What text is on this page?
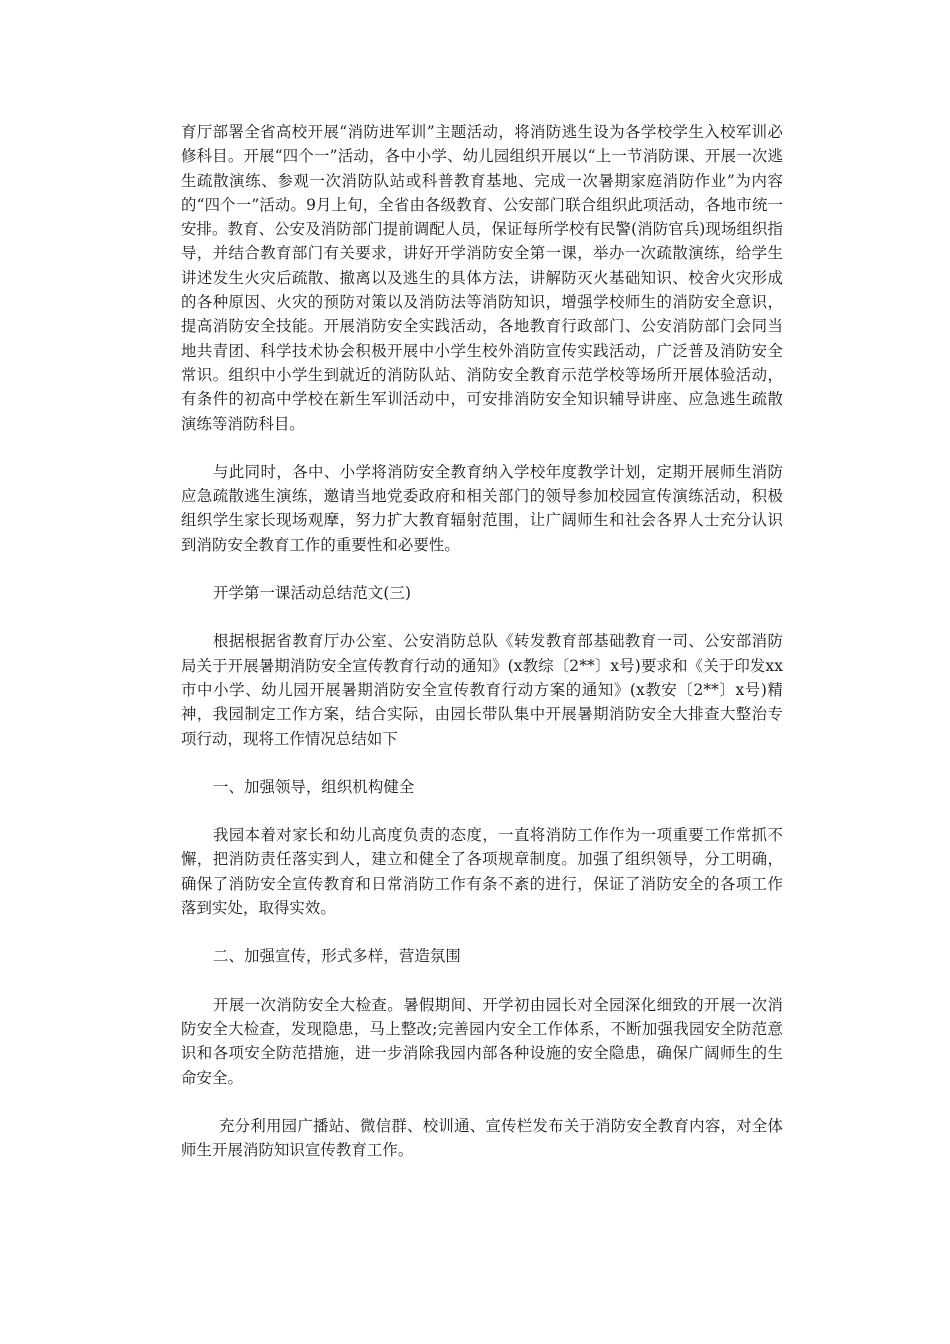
育厅部署全省高校开展“消防进军训”主题活动，将消防逃生设为各学校学生入校军训必修科目。开展“四个一”活动，各中小学、幼儿园组织开展以“上一节消防课、开展一次逃生疏散演练、参观一次消防队站或科普教育基地、完成一次暑期家庭消防作业”为内容的“四个一”活动。9月上旬，全省由各级教育、公安部门联合组织此项活动，各地市统一安排。教育、公安及消防部门提前调配人员，保证每所学校有民警(消防官兵)现场组织指导，并结合教育部门有关要求，讲好开学消防安全第一课，举办一次疏散演练，给学生讲述发生火灾后疏散、撤离以及逃生的具体方法，讲解防灭火基础知识、校舍火灾形成的各种原因、火灾的预防对策以及消防法等消防知识，增强学校师生的消防安全意识，提高消防安全技能。开展消防安全实践活动，各地教育行政部门、公安消防部门会同当地共青团、科学技术协会积极开展中小学生校外消防宣传实践活动，广泛普及消防安全常识。组织中小学生到就近的消防队站、消防安全教育示范学校等场所开展体验活动，有条件的初高中学校在新生军训活动中，可安排消防安全知识辅导讲座、应急逃生疏散演练等消防科目。

与此同时，各中、小学将消防安全教育纳入学校年度教学计划，定期开展师生消防应急疏散逃生演练，邀请当地党委政府和相关部门的领导参加校园宣传演练活动，积极组织学生家长现场观摩，努力扩大教育辐射范围，让广阔师生和社会各界人士充分认识到消防安全教育工作的重要性和必要性。

开学第一课活动总结范文(三)

根据根据省教育厅办公室、公安消防总队《转发教育部基础教育一司、公安部消防局关于开展暑期消防安全宣传教育行动的通知》(x教综〔2**〕x号)要求和《关于印发xx市中小学、幼儿园开展暑期消防安全宣传教育行动方案的通知》(x教安〔2**〕x号)精神，我园制定工作方案，结合实际，由园长带队集中开展暑期消防安全大排查大整治专项行动，现将工作情况总结如下

一、加强领导，组织机构健全

我园本着对家长和幼儿高度负责的态度，一直将消防工作作为一项重要工作常抓不懈，把消防责任落实到人，建立和健全了各项规章制度。加强了组织领导，分工明确，确保了消防安全宣传教育和日常消防工作有条不紊的进行，保证了消防安全的各项工作落到实处，取得实效。

二、加强宣传，形式多样，营造氛围

开展一次消防安全大检查。暑假期间、开学初由园长对全园深化细致的开展一次消防安全大检查，发现隐患，马上整改;完善园内安全工作体系，不断加强我园安全防范意识和各项安全防范措施，进一步消除我园内部各种设施的安全隐患，确保广阔师生的生命安全。

充分利用园广播站、微信群、校训通、宣传栏发布关于消防安全教育内容，对全体师生开展消防知识宣传教育工作。
